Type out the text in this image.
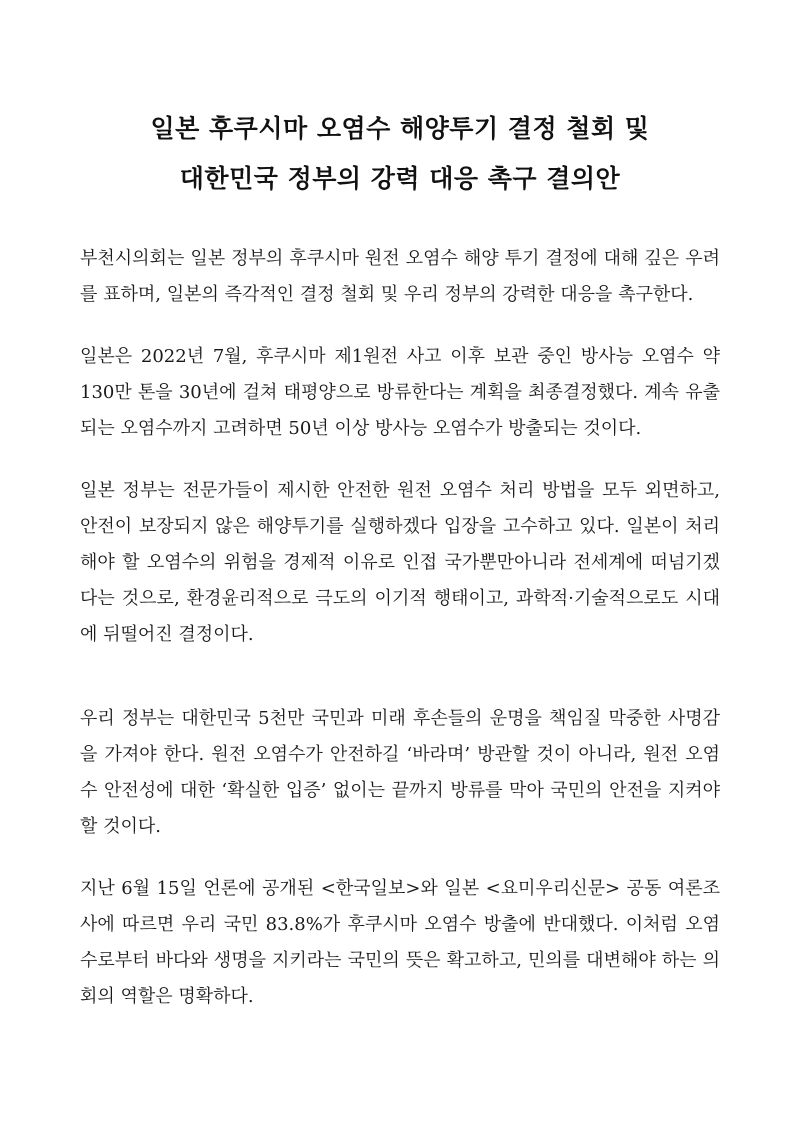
일본 후쿠시마 오염수 해양투기 결정 철회 및
대한민국 정부의 강력 대응 촉구 결의안

부천시의회는 일본 정부의 후쿠시마 원전 오염수 해양 투기 결정에 대해 깊은 우려를 표하며, 일본의 즉각적인 결정 철회 및 우리 정부의 강력한 대응을 촉구한다.

일본은 2022년 7월, 후쿠시마 제1원전 사고 이후 보관 중인 방사능 오염수 약 130만 톤을 30년에 걸쳐 태평양으로 방류한다는 계획을 최종결정했다. 계속 유출되는 오염수까지 고려하면 50년 이상 방사능 오염수가 방출되는 것이다.

일본 정부는 전문가들이 제시한 안전한 원전 오염수 처리 방법을 모두 외면하고, 안전이 보장되지 않은 해양투기를 실행하겠다 입장을 고수하고 있다. 일본이 처리해야 할 오염수의 위험을 경제적 이유로 인접 국가뿐만아니라 전세계에 떠넘기겠다는 것으로, 환경윤리적으로 극도의 이기적 행태이고, 과학적·기술적으로도 시대에 뒤떨어진 결정이다.

우리 정부는 대한민국 5천만 국민과 미래 후손들의 운명을 책임질 막중한 사명감을 가져야 한다. 원전 오염수가 안전하길 ‘바라며’ 방관할 것이 아니라, 원전 오염수 안전성에 대한 ‘확실한 입증’ 없이는 끝까지 방류를 막아 국민의 안전을 지켜야 할 것이다.

지난 6월 15일 언론에 공개된 <한국일보>와 일본 <요미우리신문> 공동 여론조사에 따르면 우리 국민 83.8%가 후쿠시마 오염수 방출에 반대했다. 이처럼 오염수로부터 바다와 생명을 지키라는 국민의 뜻은 확고하고, 민의를 대변해야 하는 의회의 역할은 명확하다.
